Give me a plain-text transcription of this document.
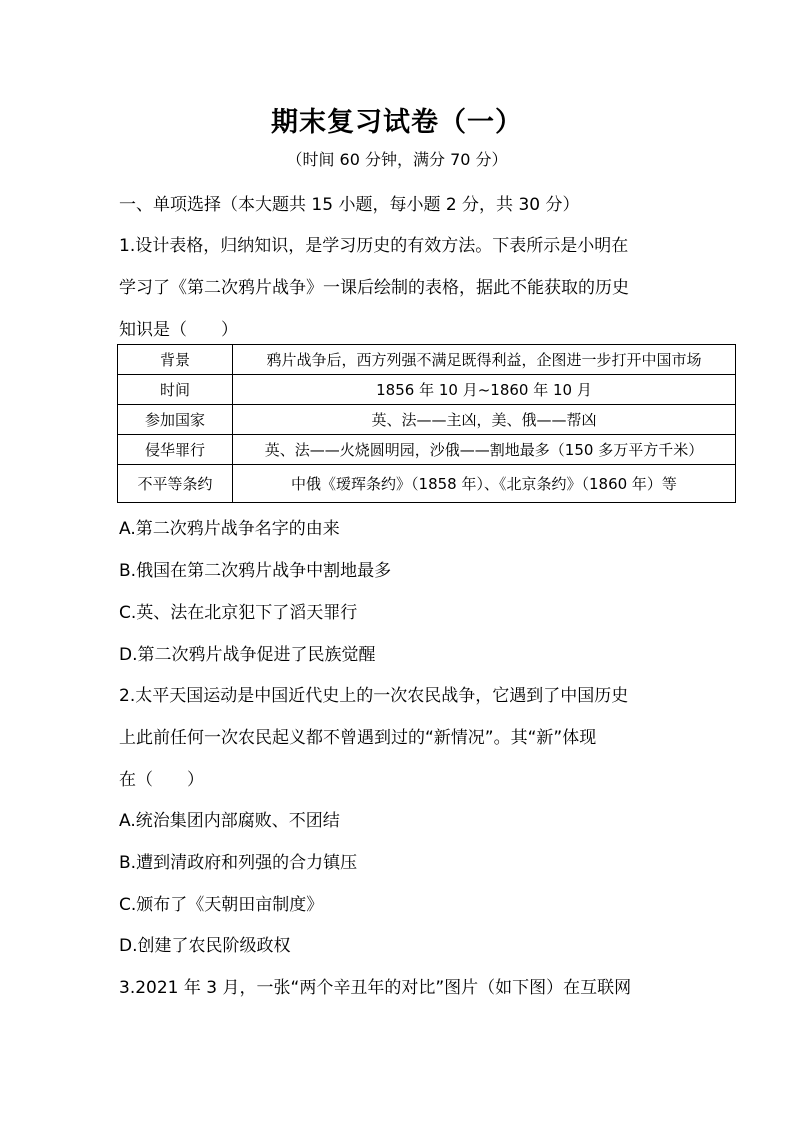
期末复习试卷（一）
（时间 60 分钟，满分 70 分）
一、单项选择（本大题共 15 小题，每小题 2 分，共 30 分）
1.设计表格，归纳知识，是学习历史的有效方法。下表所示是小明在
学习了《第二次鸦片战争》一课后绘制的表格，据此不能获取的历史
知识是（　　）
背景	鸦片战争后，西方列强不满足既得利益，企图进一步打开中国市场
时间	1856 年 10 月~1860 年 10 月
参加国家	英、法——主凶，美、俄——帮凶
侵华罪行	英、法——火烧圆明园，沙俄——割地最多（150 多万平方千米）
不平等条约	中俄《瑷珲条约》（1858 年）、《北京条约》（1860 年）等
A.第二次鸦片战争名字的由来
B.俄国在第二次鸦片战争中割地最多
C.英、法在北京犯下了滔天罪行
D.第二次鸦片战争促进了民族觉醒
2.太平天国运动是中国近代史上的一次农民战争，它遇到了中国历史
上此前任何一次农民起义都不曾遇到过的“新情况”。其“新”体现
在（　　）
A.统治集团内部腐败、不团结
B.遭到清政府和列强的合力镇压
C.颁布了《天朝田亩制度》
D.创建了农民阶级政权
3.2021 年 3 月，一张“两个辛丑年的对比”图片（如下图）在互联网
